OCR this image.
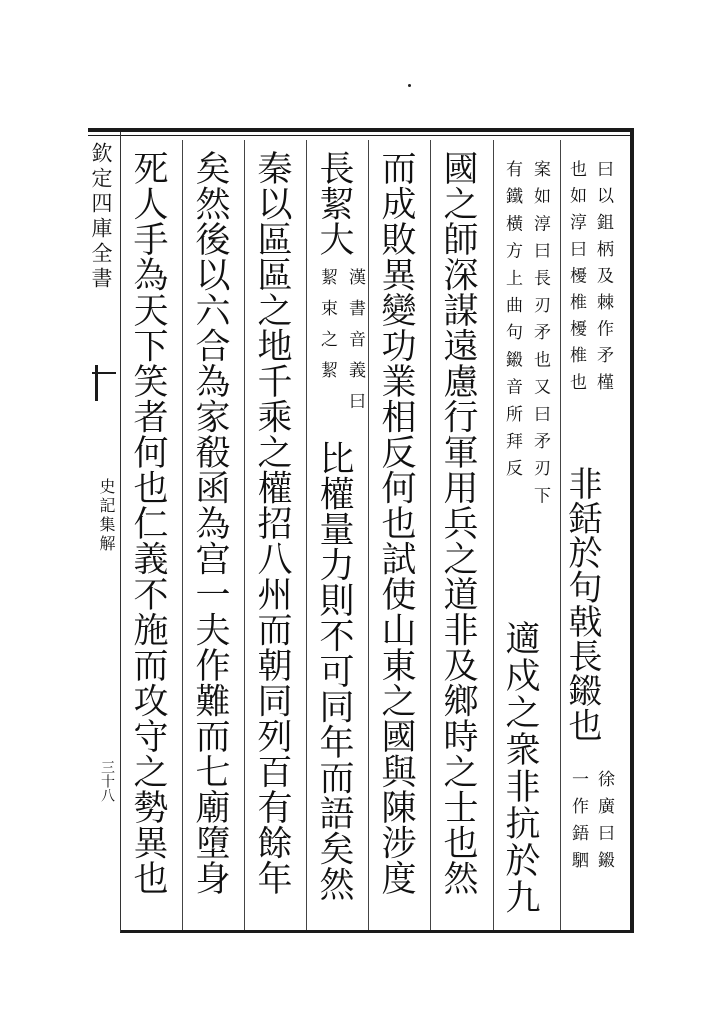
欽定四庫全書
史記集解
三十八
曰以鉏柄及棘作矛槿
也如淳曰櫌椎櫌椎也
非銛於句戟長鎩也
徐廣曰鎩
一作鋙駟
案如淳曰長刃矛也又曰矛刃下
有鐵橫方上曲句鎩音所拜反
適戍之衆非抗於九
國之師深謀遠慮行軍用兵之道非及鄉時之士也然
而成敗異變功業相反何也試使山東之國與陳涉度
長絜大
漢書音義曰
絜束之絜
比權量力則不可同年而語矣然
秦以區區之地千乘之權招八州而朝同列百有餘年
矣然後以六合為家殽函為宫一夫作難而七廟墮身
死人手為天下笑者何也仁義不施而攻守之勢異也
